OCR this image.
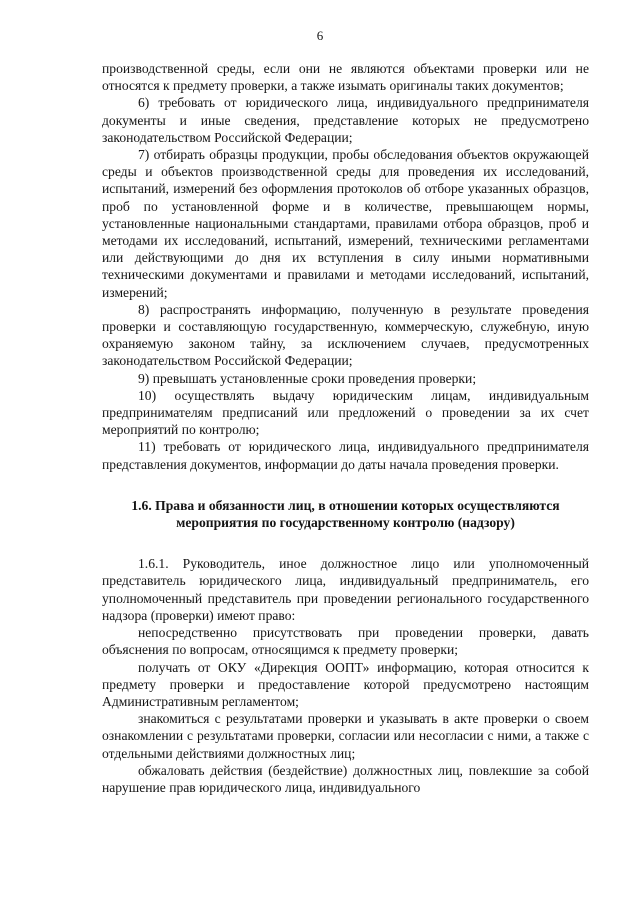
6

производственной среды, если они не являются объектами проверки или не относятся к предмету проверки, а также изымать оригиналы таких документов;

6) требовать от юридического лица, индивидуального предпринимателя документы и иные сведения, представление которых не предусмотрено законодательством Российской Федерации;

7) отбирать образцы продукции, пробы обследования объектов окружающей среды и объектов производственной среды для проведения их исследований, испытаний, измерений без оформления протоколов об отборе указанных образцов, проб по установленной форме и в количестве, превышающем нормы, установленные национальными стандартами, правилами отбора образцов, проб и методами их исследований, испытаний, измерений, техническими регламентами или действующими до дня их вступления в силу иными нормативными техническими документами и правилами и методами исследований, испытаний, измерений;

8) распространять информацию, полученную в результате проведения проверки и составляющую государственную, коммерческую, служебную, иную охраняемую законом тайну, за исключением случаев, предусмотренных законодательством Российской Федерации;

9) превышать установленные сроки проведения проверки;

10) осуществлять выдачу юридическим лицам, индивидуальным предпринимателям предписаний или предложений о проведении за их счет мероприятий по контролю;

11) требовать от юридического лица, индивидуального предпринимателя представления документов, информации до даты начала проведения проверки.

1.6. Права и обязанности лиц, в отношении которых осуществляются мероприятия по государственному контролю (надзору)

1.6.1. Руководитель, иное должностное лицо или уполномоченный представитель юридического лица, индивидуальный предприниматель, его уполномоченный представитель при проведении регионального государственного надзора (проверки) имеют право:

непосредственно присутствовать при проведении проверки, давать объяснения по вопросам, относящимся к предмету проверки;

получать от ОКУ «Дирекция ООПТ» информацию, которая относится к предмету проверки и предоставление которой предусмотрено настоящим Административным регламентом;

знакомиться с результатами проверки и указывать в акте проверки о своем ознакомлении с результатами проверки, согласии или несогласии с ними, а также с отдельными действиями должностных лиц;

обжаловать действия (бездействие) должностных лиц, повлекшие за собой нарушение прав юридического лица, индивидуального
